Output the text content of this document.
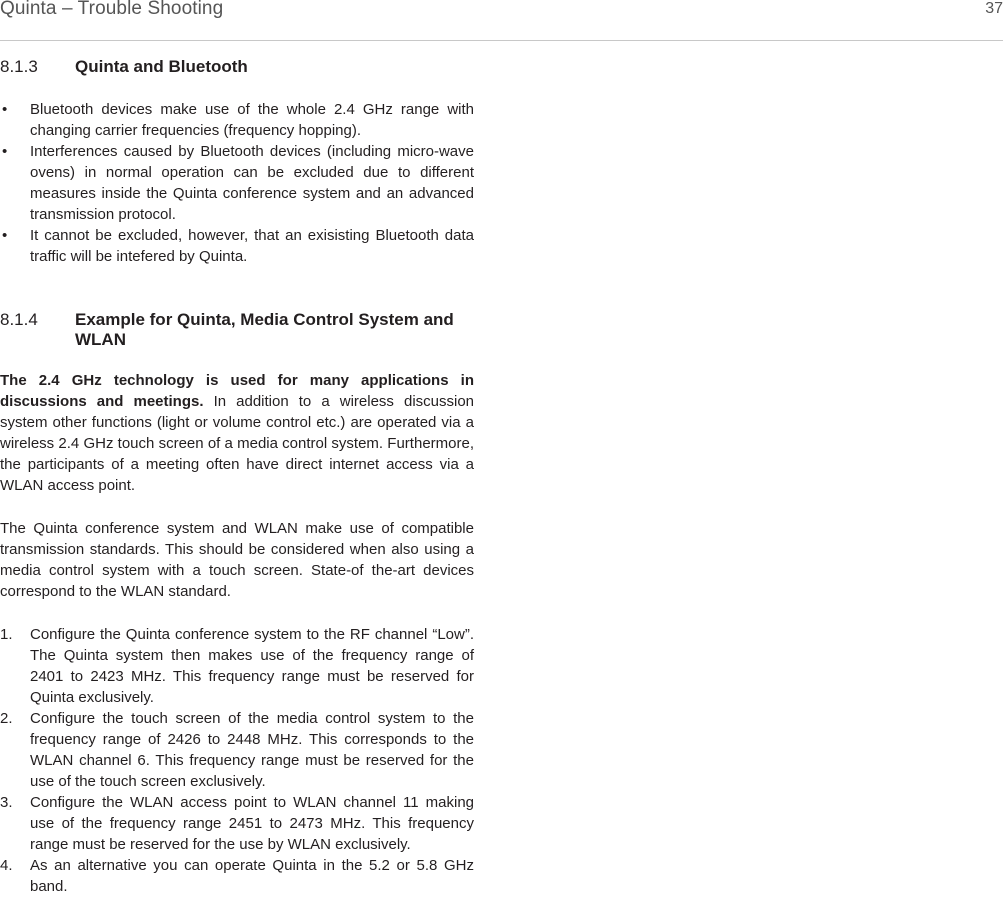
Quinta – Trouble Shooting	37
8.1.3	Quinta and Bluetooth
• Bluetooth devices make use of the whole 2.4 GHz range with changing carrier frequencies (frequency hopping).
• Interferences caused by Bluetooth devices (including micro-wave ovens) in normal operation can be excluded due to different measures inside the Quinta conference system and an advanced transmission protocol.
• It cannot be excluded, however, that an exisisting Bluetooth data traffic will be intefered by Quinta.
8.1.4	Example for Quinta, Media Control System and WLAN

The 2.4 GHz technology is used for many applications in discussions and meetings. In addition to a wireless discussion system other functions (light or volume control etc.) are operated via a wireless 2.4 GHz touch screen of a media control system. Furthermore, the participants of a meeting often have direct internet access via a WLAN access point.

The Quinta conference system and WLAN make use of compatible transmission standards. This should be considered when also using a media control system with a touch screen. State-of the-art devices correspond to the WLAN standard.

1.	Configure the Quinta conference system to the RF channel “Low”. The Quinta system then makes use of the frequency range of 2401 to 2423 MHz. This frequency range must be reserved for Quinta exclusively.
2.	Configure the touch screen of the media control system to the frequency range of 2426 to 2448 MHz. This corresponds to the WLAN channel 6. This frequency range must be reserved for the use of the touch screen exclusively.
3.	Configure the WLAN access point to WLAN channel 11 making use of the frequency range 2451 to 2473 MHz. This frequency range must be reserved for the use by WLAN exclusively.
4.	As an alternative you can operate Quinta in the 5.2 or 5.8 GHz band.
